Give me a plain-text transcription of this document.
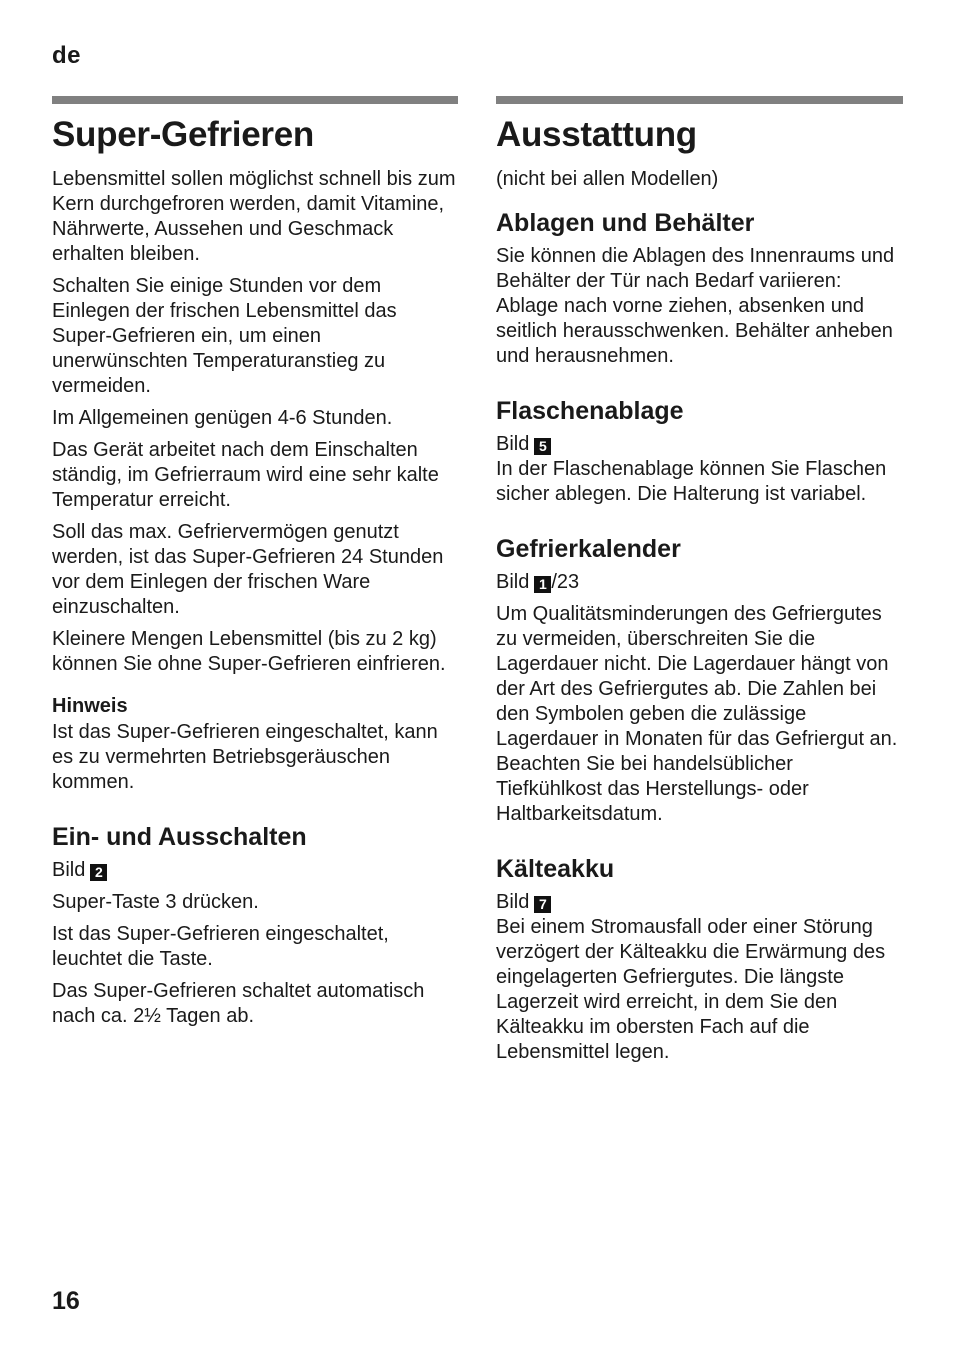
de
Super-Gefrieren

Lebensmittel sollen möglichst schnell bis zum Kern durchgefroren werden, damit Vitamine, Nährwerte, Aussehen und Geschmack erhalten bleiben.

Schalten Sie einige Stunden vor dem Einlegen der frischen Lebensmittel das Super-Gefrieren ein, um einen unerwünschten Temperaturanstieg zu vermeiden.

Im Allgemeinen genügen 4-6 Stunden.

Das Gerät arbeitet nach dem Einschalten ständig, im Gefrierraum wird eine sehr kalte Temperatur erreicht.

Soll das max. Gefriervermögen genutzt werden, ist das Super-Gefrieren 24 Stunden vor dem Einlegen der frischen Ware einzuschalten.

Kleinere Mengen Lebensmittel (bis zu 2 kg) können Sie ohne Super-Gefrieren einfrieren.

Hinweis

Ist das Super-Gefrieren eingeschaltet, kann es zu vermehrten Betriebsgeräuschen kommen.

Ein- und Ausschalten

Bild 2

Super-Taste 3 drücken.

Ist das Super-Gefrieren eingeschaltet, leuchtet die Taste.

Das Super-Gefrieren schaltet automatisch nach ca. 2½ Tagen ab.

Ausstattung

(nicht bei allen Modellen)

Ablagen und Behälter

Sie können die Ablagen des Innenraums und Behälter der Tür nach Bedarf variieren: Ablage nach vorne ziehen, absenken und seitlich herausschwenken. Behälter anheben und herausnehmen.

Flaschenablage

Bild 5

In der Flaschenablage können Sie Flaschen sicher ablegen. Die Halterung ist variabel.

Gefrierkalender

Bild 1 /23

Um Qualitätsminderungen des Gefriergutes zu vermeiden, überschreiten Sie die Lagerdauer nicht. Die Lagerdauer hängt von der Art des Gefriergutes ab. Die Zahlen bei den Symbolen geben die zulässige Lagerdauer in Monaten für das Gefriergut an. Beachten Sie bei handelsüblicher Tiefkühlkost das Herstellungs- oder Haltbarkeitsdatum.

Kälteakku

Bild 7

Bei einem Stromausfall oder einer Störung verzögert der Kälteakku die Erwärmung des eingelagerten Gefriergutes. Die längste Lagerzeit wird erreicht, in dem Sie den Kälteakku im obersten Fach auf die Lebensmittel legen.

16
